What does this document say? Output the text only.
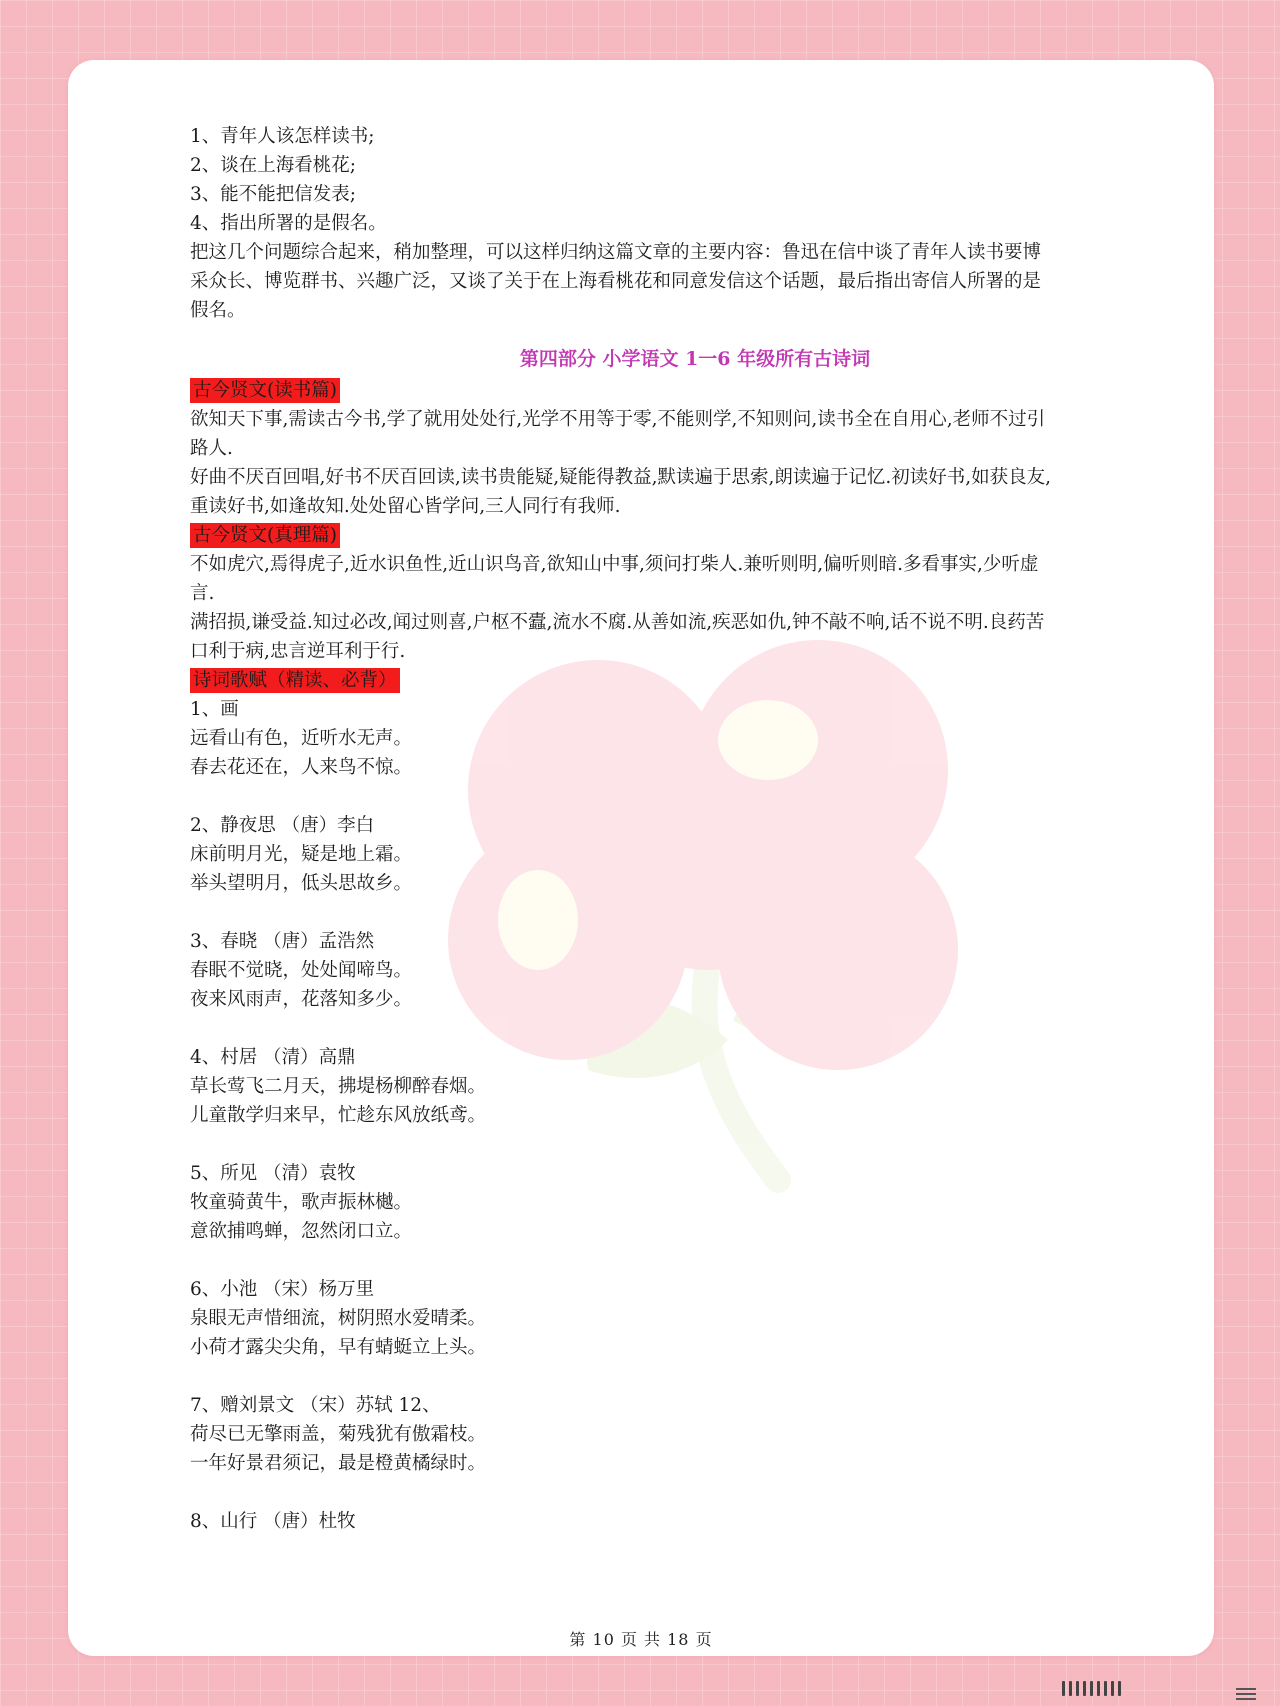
1、青年人该怎样读书;
2、谈在上海看桃花;
3、能不能把信发表;
4、指出所署的是假名。
把这几个问题综合起来，稍加整理，可以这样归纳这篇文章的主要内容：鲁迅在信中谈了青年人读书要博
采众长、博览群书、兴趣广泛，又谈了关于在上海看桃花和同意发信这个话题，最后指出寄信人所署的是
假名。
第四部分 小学语文 1一6 年级所有古诗词
古今贤文(读书篇)
欲知天下事,需读古今书,学了就用处处行,光学不用等于零,不能则学,不知则问,读书全在自用心,老师不过引
路人.
好曲不厌百回唱,好书不厌百回读,读书贵能疑,疑能得教益,默读遍于思索,朗读遍于记忆.初读好书,如获良友,
重读好书,如逢故知.处处留心皆学问,三人同行有我师.
古今贤文(真理篇)
不如虎穴,焉得虎子,近水识鱼性,近山识鸟音,欲知山中事,须问打柴人.兼听则明,偏听则暗.多看事实,少听虚
言.
满招损,谦受益.知过必改,闻过则喜,户枢不蠹,流水不腐.从善如流,疾恶如仇,钟不敲不响,话不说不明.良药苦
口利于病,忠言逆耳利于行.
诗词歌赋（精读、必背）
1、画
远看山有色，近听水无声。
春去花还在，人来鸟不惊。
2、静夜思 （唐）李白
床前明月光，疑是地上霜。
举头望明月，低头思故乡。
3、春晓 （唐）孟浩然
春眠不觉晓，处处闻啼鸟。
夜来风雨声，花落知多少。
4、村居 （清）高鼎
草长莺飞二月天，拂堤杨柳醉春烟。
儿童散学归来早，忙趁东风放纸鸢。
5、所见 （清）袁牧
牧童骑黄牛，歌声振林樾。
意欲捕鸣蝉，忽然闭口立。
6、小池 （宋）杨万里
泉眼无声惜细流，树阴照水爱晴柔。
小荷才露尖尖角，早有蜻蜓立上头。
7、赠刘景文 （宋）苏轼 12、
荷尽已无擎雨盖，菊残犹有傲霜枝。
一年好景君须记，最是橙黄橘绿时。
8、山行 （唐）杜牧
第 10 页 共 18 页
